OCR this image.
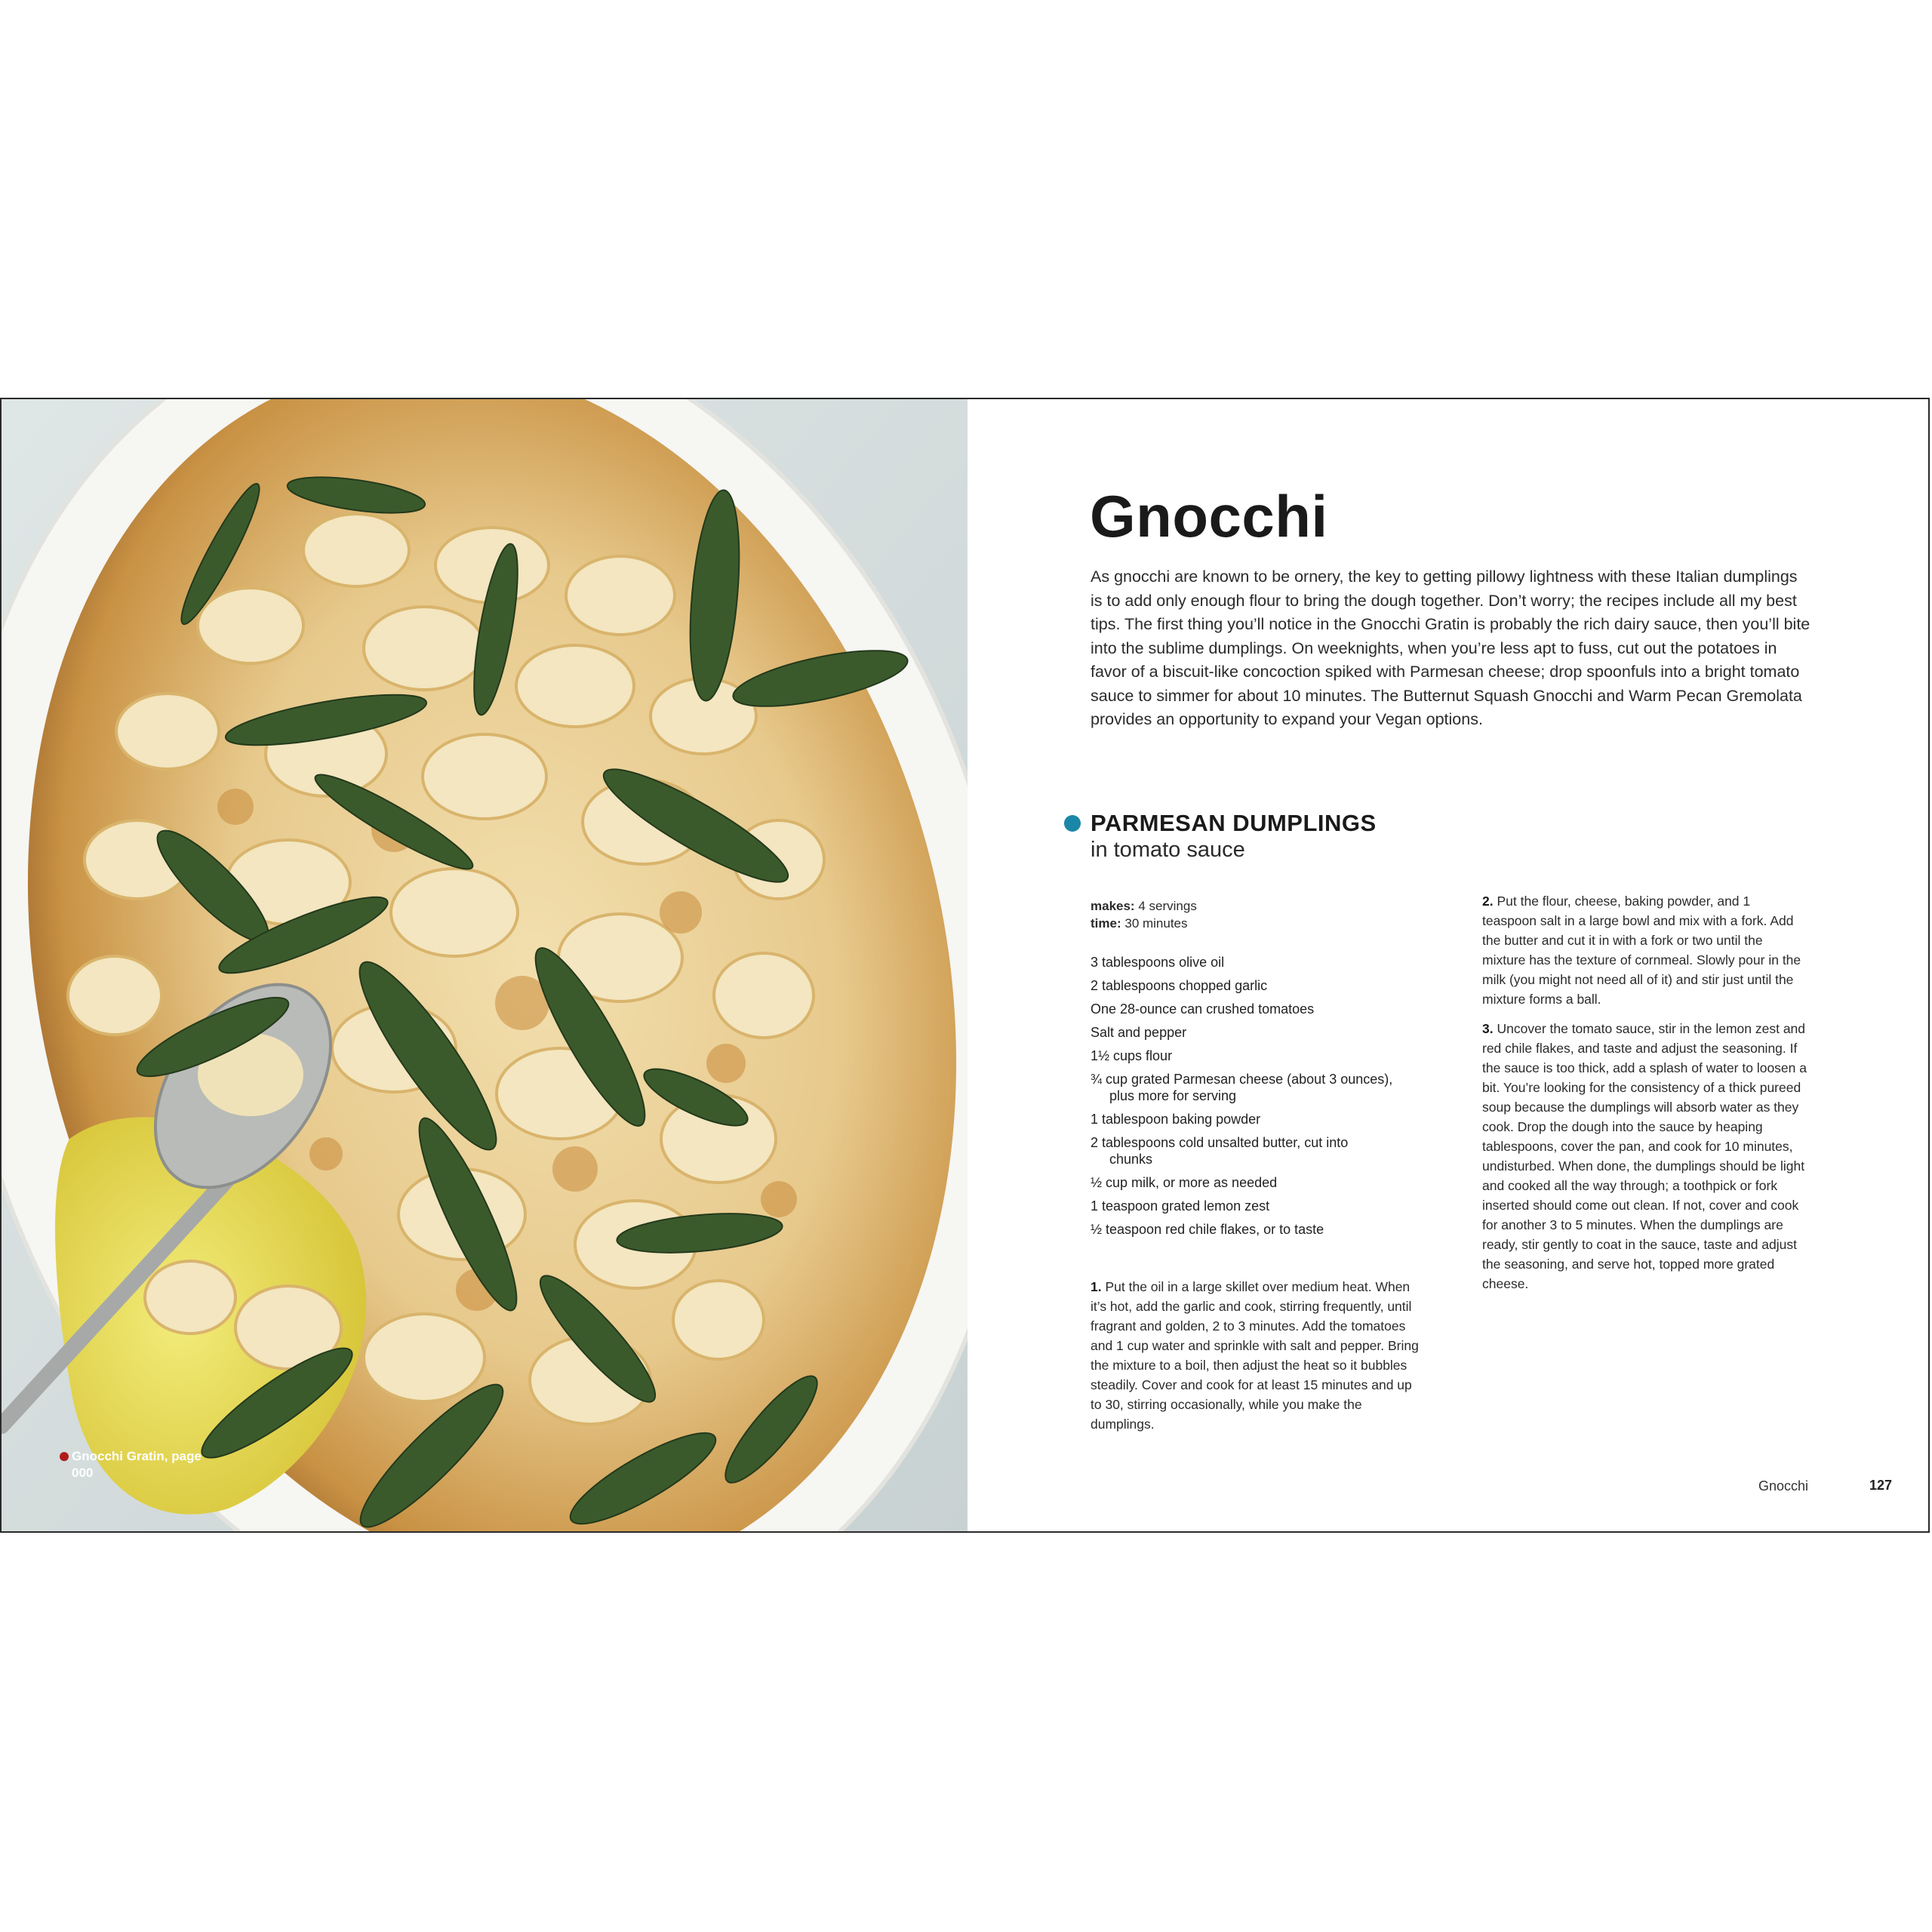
Gnocchi Gratin, page 000
Gnocchi

As gnocchi are known to be ornery, the key to getting pillowy lightness with these Italian dumplings is to add only enough flour to bring the dough together. Don’t worry; the recipes include all my best tips. The first thing you’ll notice in the Gnocchi Gratin is probably the rich dairy sauce, then you’ll bite into the sublime dumplings. On weeknights, when you’re less apt to fuss, cut out the potatoes in favor of a biscuit-like concoction spiked with Parmesan cheese; drop spoonfuls into a bright tomato sauce to simmer for about 10 minutes. The Butternut Squash Gnocchi and Warm Pecan Gremolata provides an opportunity to expand your Vegan options.

PARMESAN DUMPLINGS
in tomato sauce
makes: 4 servings
time: 30 minutes
3 tablespoons olive oil
2 tablespoons chopped garlic
One 28-ounce can crushed tomatoes
Salt and pepper
1½ cups flour
¾ cup grated Parmesan cheese (about 3 ounces),
plus more for serving
1 tablespoon baking powder
2 tablespoons cold unsalted butter, cut into
chunks
½ cup milk, or more as needed
1 teaspoon grated lemon zest
½ teaspoon red chile flakes, or to taste

1. Put the oil in a large skillet over medium heat. When it’s hot, add the garlic and cook, stirring frequently, until fragrant and golden, 2 to 3 minutes. Add the tomatoes and 1 cup water and sprinkle with salt and pepper. Bring the mixture to a boil, then adjust the heat so it bubbles steadily. Cover and cook for at least 15 minutes and up to 30, stirring occasionally, while you make the dumplings.

2. Put the flour, cheese, baking powder, and 1 teaspoon salt in a large bowl and mix with a fork. Add the butter and cut it in with a fork or two until the mixture has the texture of cornmeal. Slowly pour in the milk (you might not need all of it) and stir just until the mixture forms a ball.

3. Uncover the tomato sauce, stir in the lemon zest and red chile flakes, and taste and adjust the seasoning. If the sauce is too thick, add a splash of water to loosen a bit. You’re looking for the consistency of a thick pureed soup because the dumplings will absorb water as they cook. Drop the dough into the sauce by heaping tablespoons, cover the pan, and cook for 10 minutes, undisturbed. When done, the dumplings should be light and cooked all the way through; a toothpick or fork inserted should come out clean. If not, cover and cook for another 3 to 5 minutes. When the dumplings are ready, stir gently to coat in the sauce, taste and adjust the seasoning, and serve hot, topped more grated cheese.

Gnocchi	127
